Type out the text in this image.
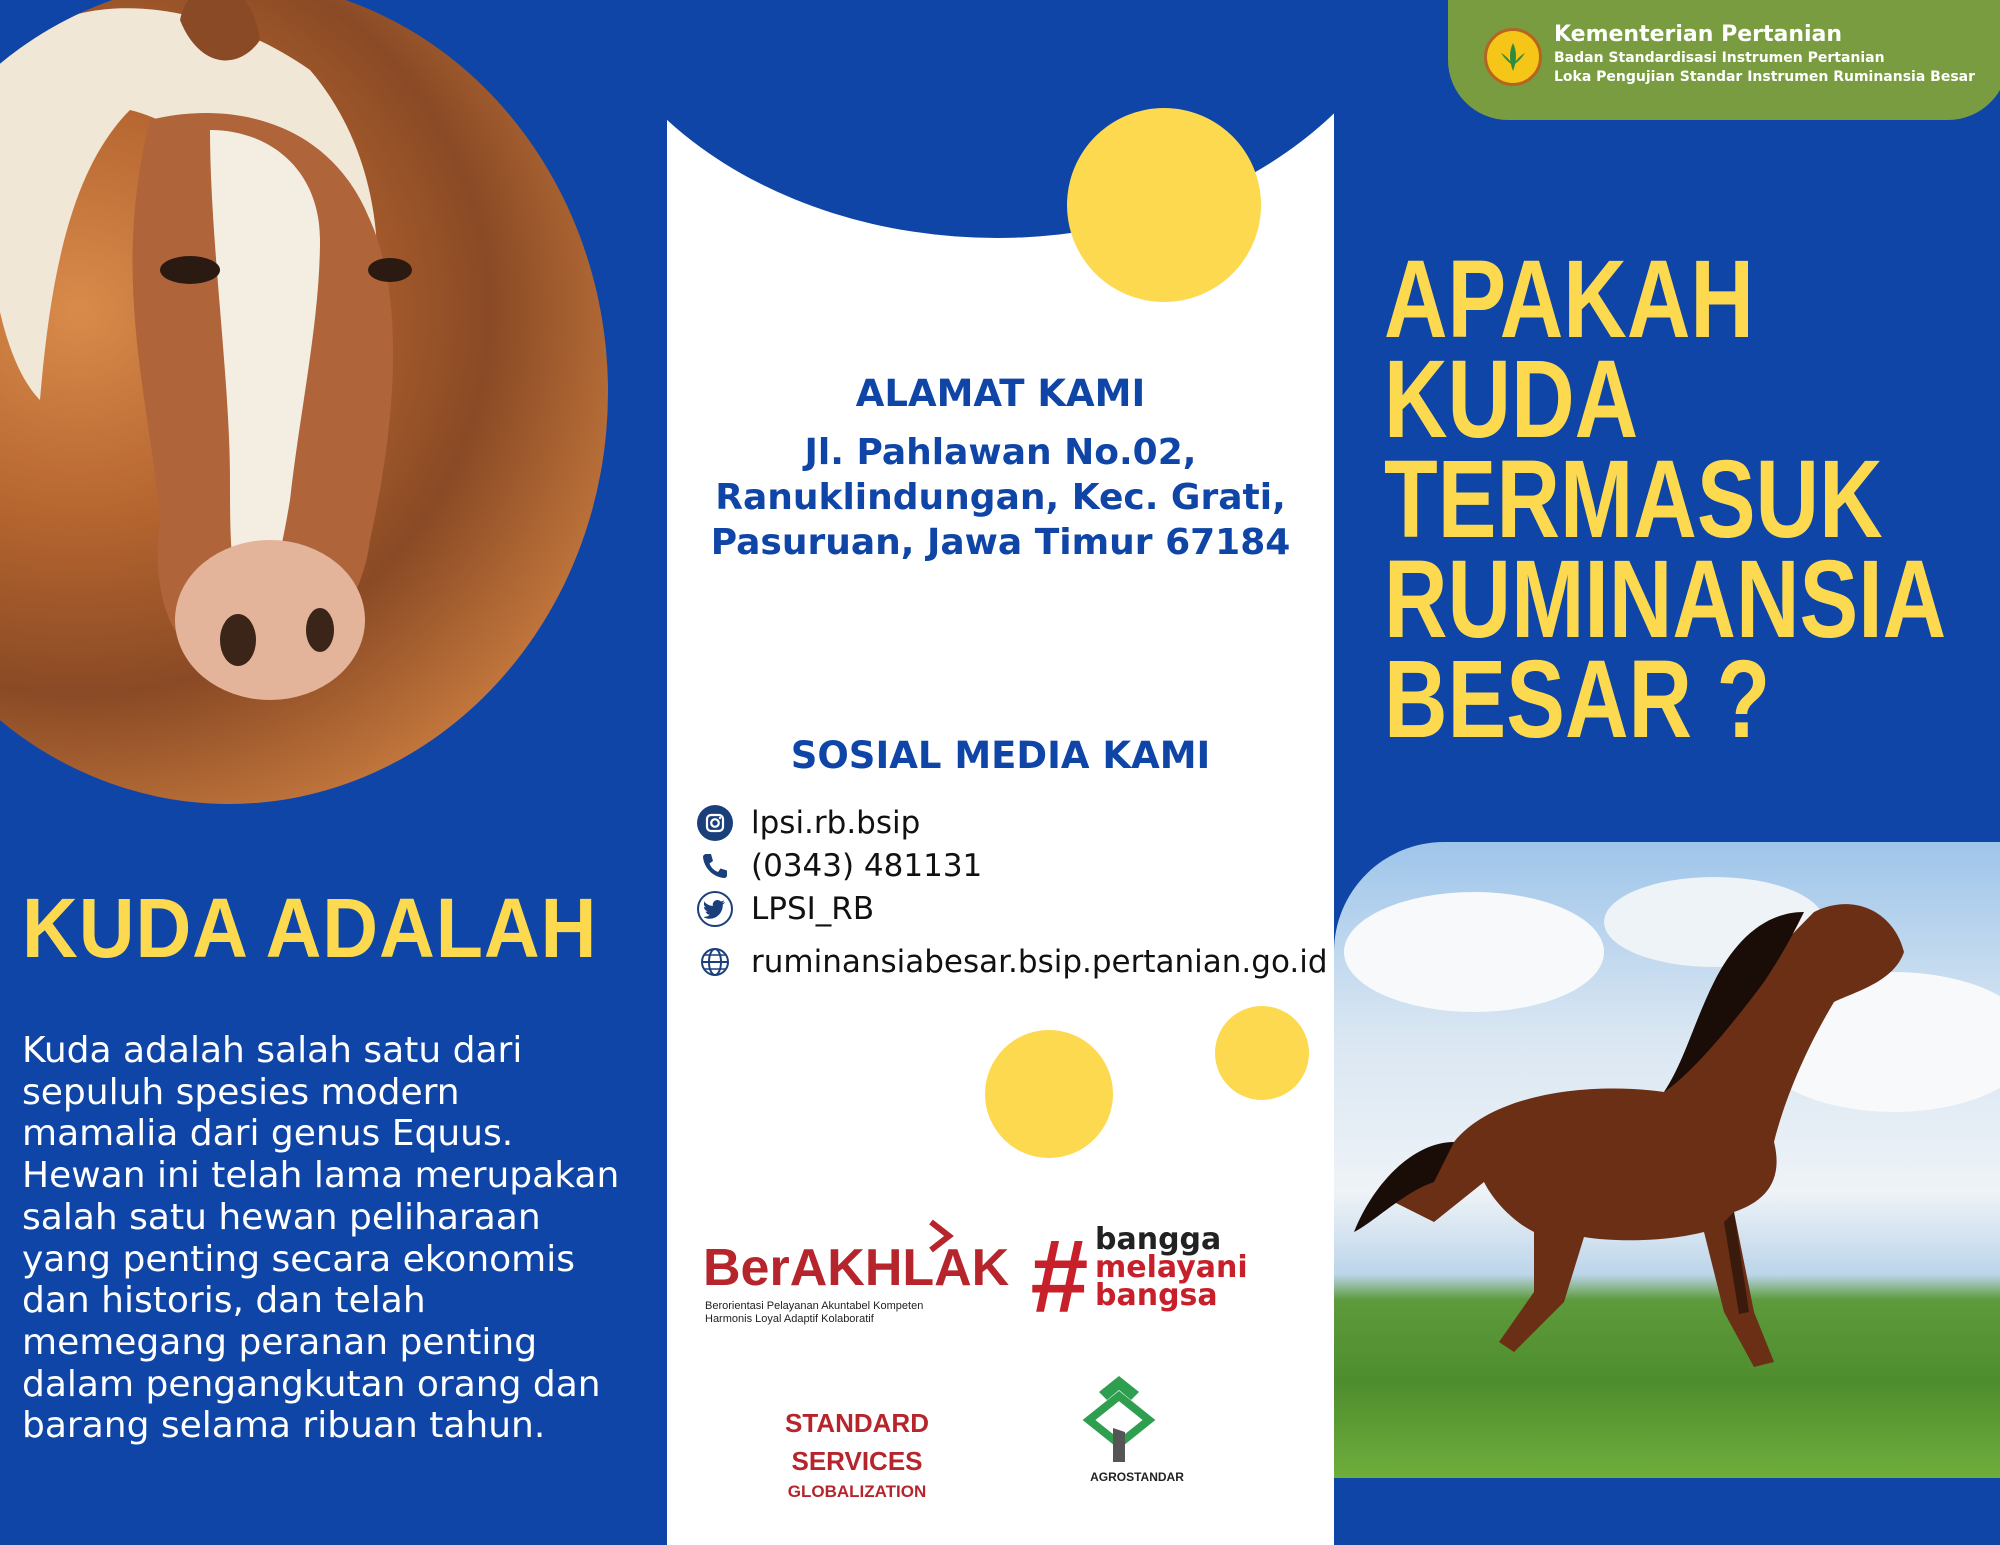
KUDA ADALAH
Kuda adalah salah satu dari
sepuluh spesies modern
mamalia dari genus Equus.
Hewan ini telah lama merupakan
salah satu hewan peliharaan
yang penting secara ekonomis
dan historis, dan telah
memegang peranan penting
dalam pengangkutan orang dan
barang selama ribuan tahun.
ALAMAT KAMI
Jl. Pahlawan No.02,
Ranuklindungan, Kec. Grati,
Pasuruan, Jawa Timur 67184
SOSIAL MEDIA KAMI
lpsi.rb.bsip
(0343) 481131
LPSI_RB
ruminansiabesar.bsip.pertanian.go.id
BerAKHLAK
Berorientasi Pelayanan Akuntabel Kompeten
Harmonis Loyal Adaptif Kolaboratif	# bangga
melayani
bangsa
STANDARD
SERVICES
GLOBALIZATION
AGROSTANDAR
Kementerian Pertanian
Badan Standardisasi Instrumen Pertanian
Loka Pengujian Standar Instrumen Ruminansia Besar
APAKAH
KUDA
TERMASUK
RUMINANSIA
BESAR ?
